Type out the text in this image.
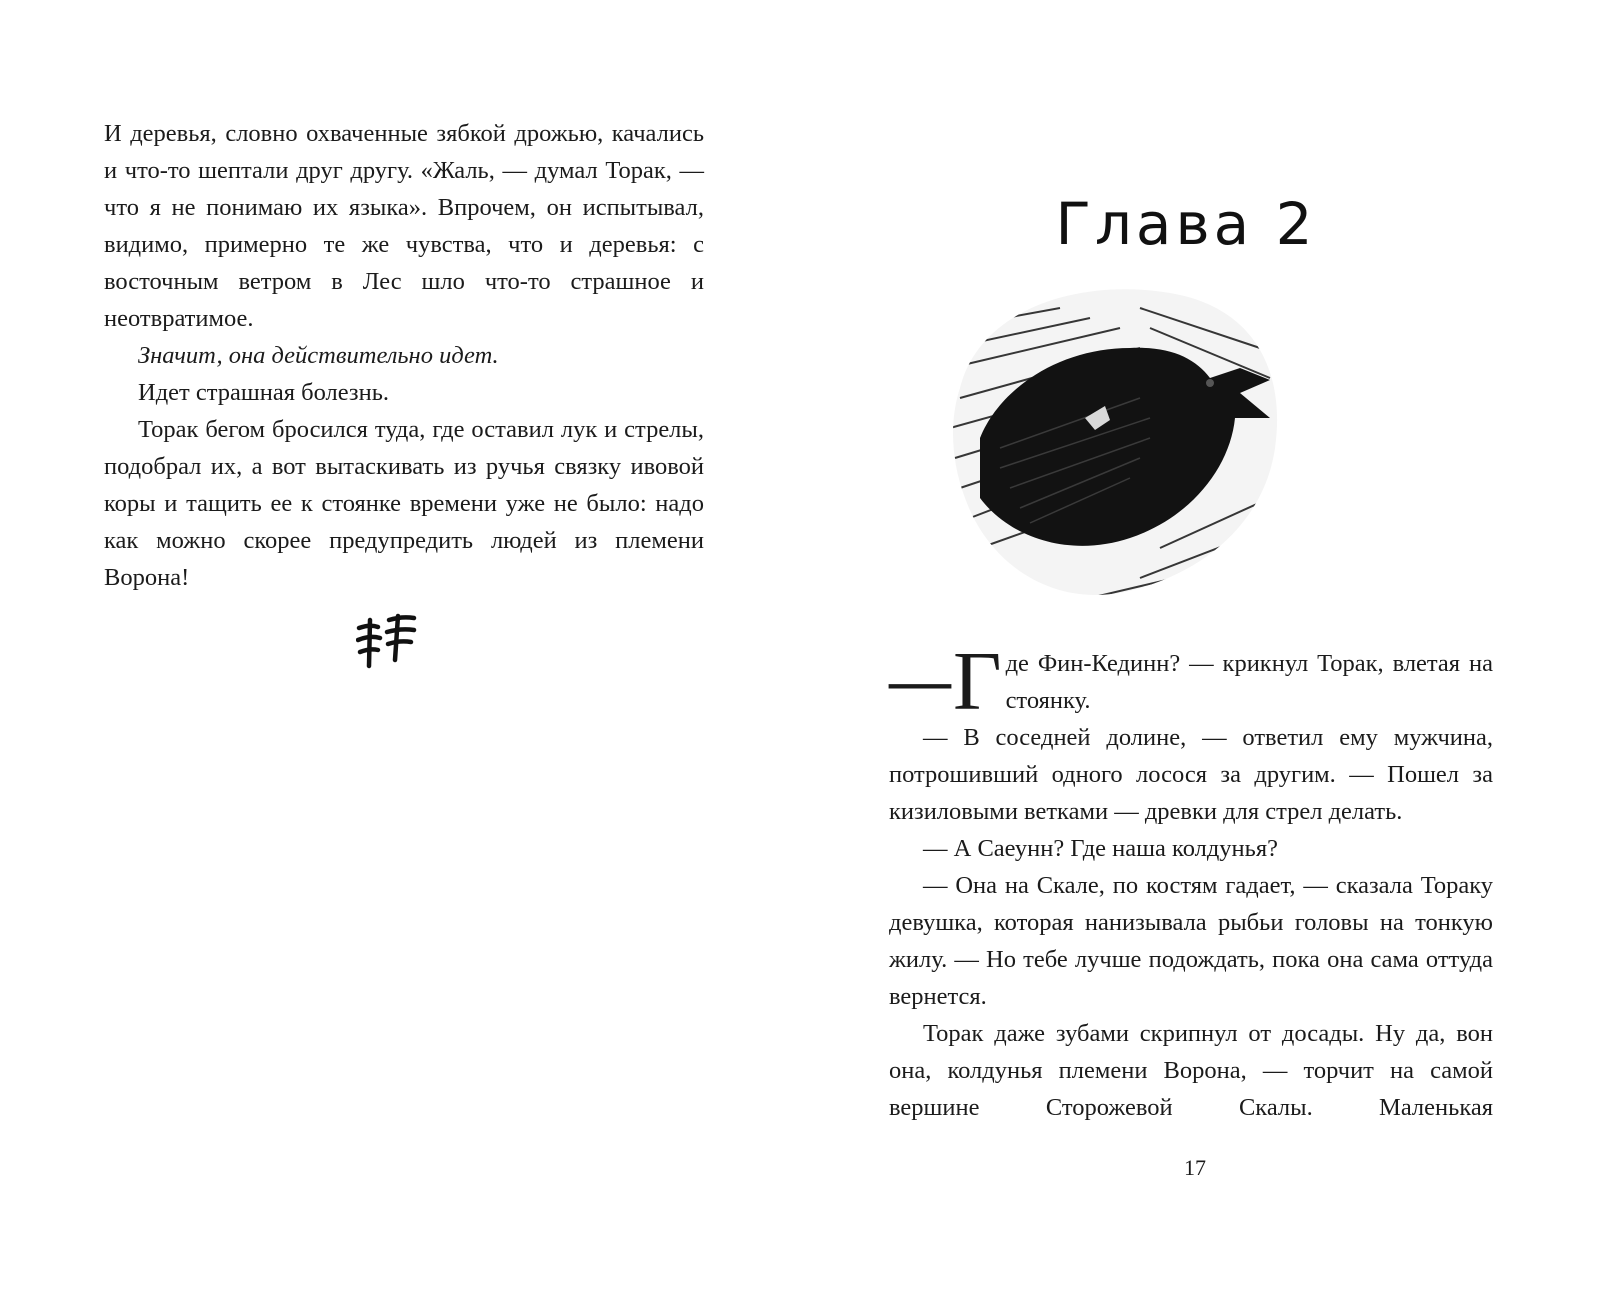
И деревья, словно охваченные зябкой дрожью, качались и что-то шептали друг другу. «Жаль, — думал Торак, — что я не понимаю их языка». Впрочем, он испытывал, видимо, примерно те же чувства, что и деревья: с восточным ветром в Лес шло что-то страшное и неотвратимое.

Значит, она действительно идет.

Идет страшная болезнь.

Торак бегом бросился туда, где оставил лук и стрелы, подобрал их, а вот вытаскивать из ручья связку ивовой коры и тащить ее к стоянке времени уже не было: надо как можно скорее предупредить людей из племени Ворона!

Глава 2
— Г де Фин-Кединн? — крикнул Торак, влетая на стоянку.

— В соседней долине, — ответил ему мужчина, потрошивший одного лосося за другим. — Пошел за кизиловыми ветками — древки для стрел делать.

— А Саеунн? Где наша колдунья?

— Она на Скале, по костям гадает, — сказала Тораку девушка, которая нанизывала рыбьи головы на тонкую жилу. — Но тебе лучше подождать, пока она сама оттуда вернется.

Торак даже зубами скрипнул от досады. Ну да, вон она, колдунья племени Ворона, — торчит на самой вершине Сторожевой Скалы. Маленькая

17
